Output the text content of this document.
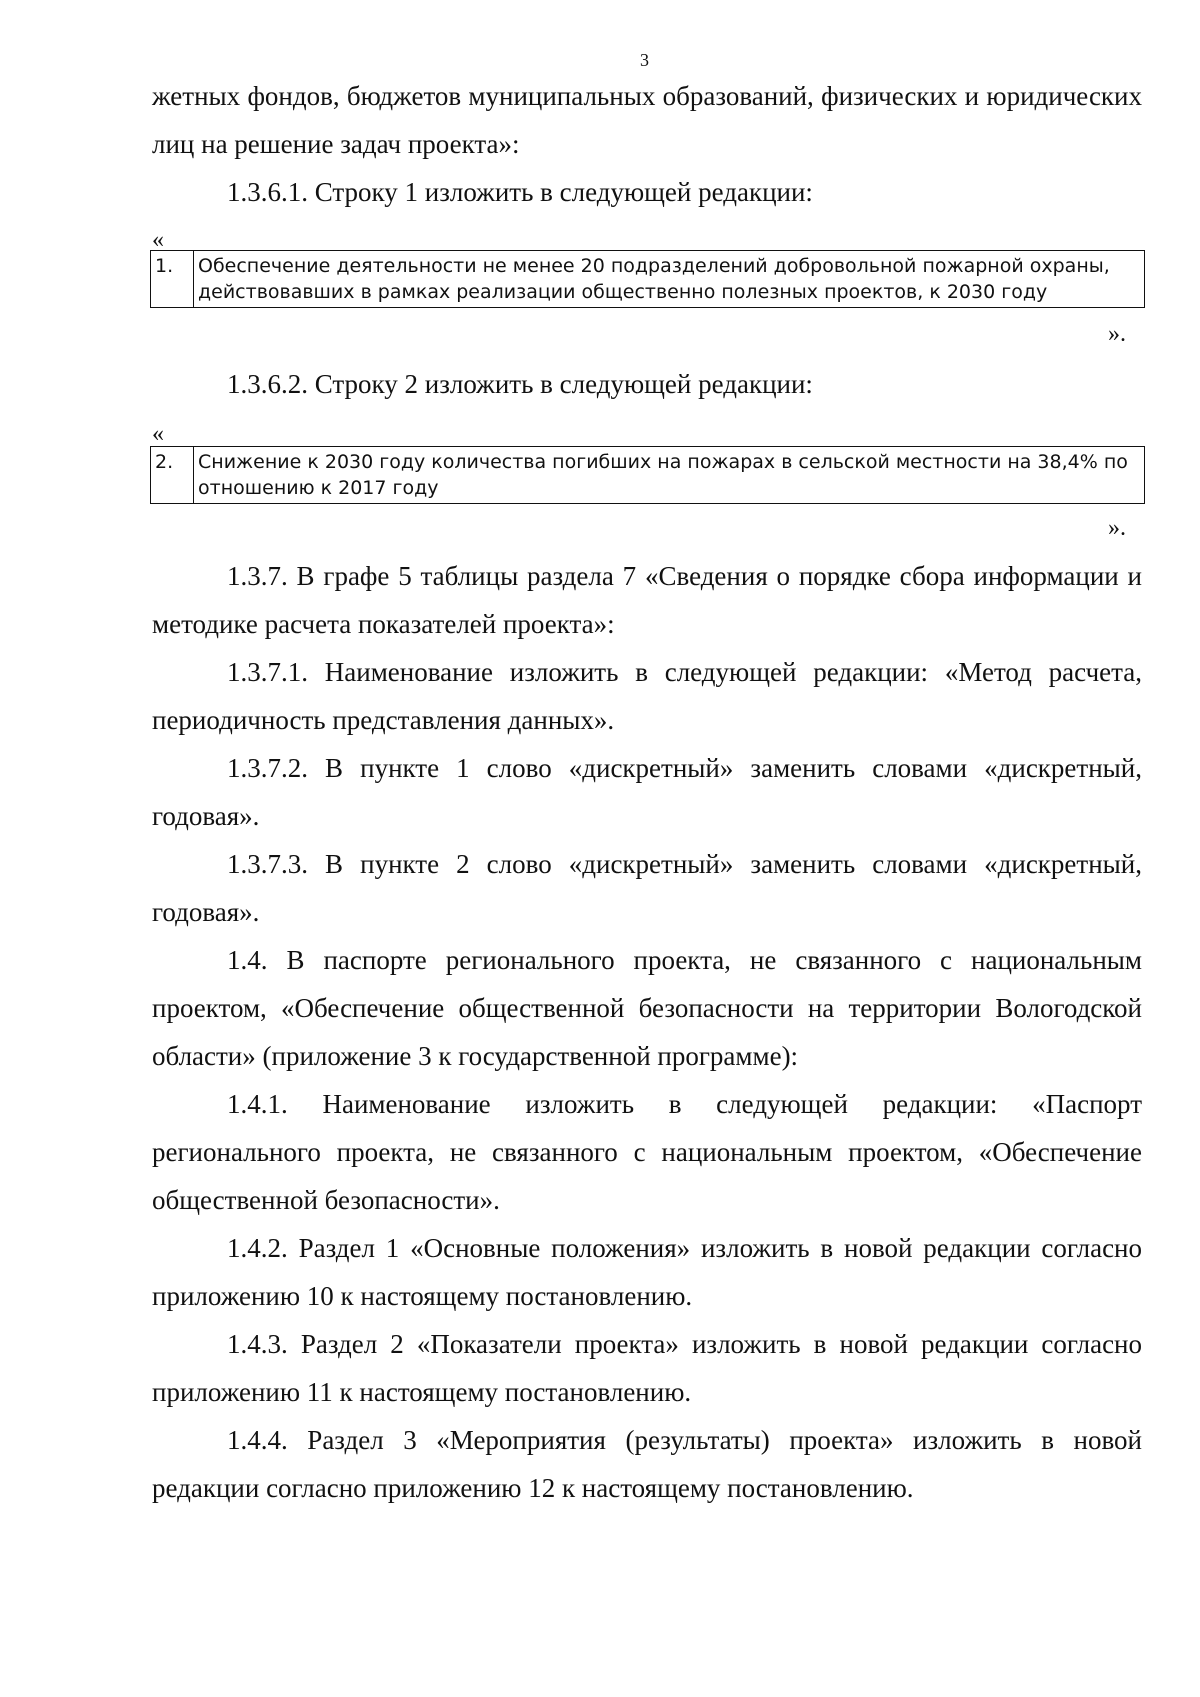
3

жетных фондов, бюджетов муниципальных образований, физических и юридических лиц на решение задач проекта»:

1.3.6.1. Строку 1 изложить в следующей редакции:

«
1.	Обеспечение деятельности не менее 20 подразделений добровольной пожарной охраны, действовавших в рамках реализации общественно полезных проектов, к 2030 году
».

1.3.6.2. Строку 2 изложить в следующей редакции:

«
2.	Снижение к 2030 году количества погибших на пожарах в сельской местности на 38,4% по отношению к 2017 году
».

1.3.7. В графе 5 таблицы раздела 7 «Сведения о порядке сбора информации и методике расчета показателей проекта»:

1.3.7.1. Наименование изложить в следующей редакции: «Метод расчета, периодичность представления данных».

1.3.7.2. В пункте 1 слово «дискретный» заменить словами «дискретный, годовая».

1.3.7.3. В пункте 2 слово «дискретный» заменить словами «дискретный, годовая».

1.4. В паспорте регионального проекта, не связанного с национальным проектом, «Обеспечение общественной безопасности на территории Вологодской области» (приложение 3 к государственной программе):

1.4.1. Наименование изложить в следующей редакции: «Паспорт регионального проекта, не связанного с национальным проектом, «Обеспечение общественной безопасности».

1.4.2. Раздел 1 «Основные положения» изложить в новой редакции согласно приложению 10 к настоящему постановлению.

1.4.3. Раздел 2 «Показатели проекта» изложить в новой редакции согласно приложению 11 к настоящему постановлению.

1.4.4. Раздел 3 «Мероприятия (результаты) проекта» изложить в новой редакции согласно приложению 12 к настоящему постановлению.
